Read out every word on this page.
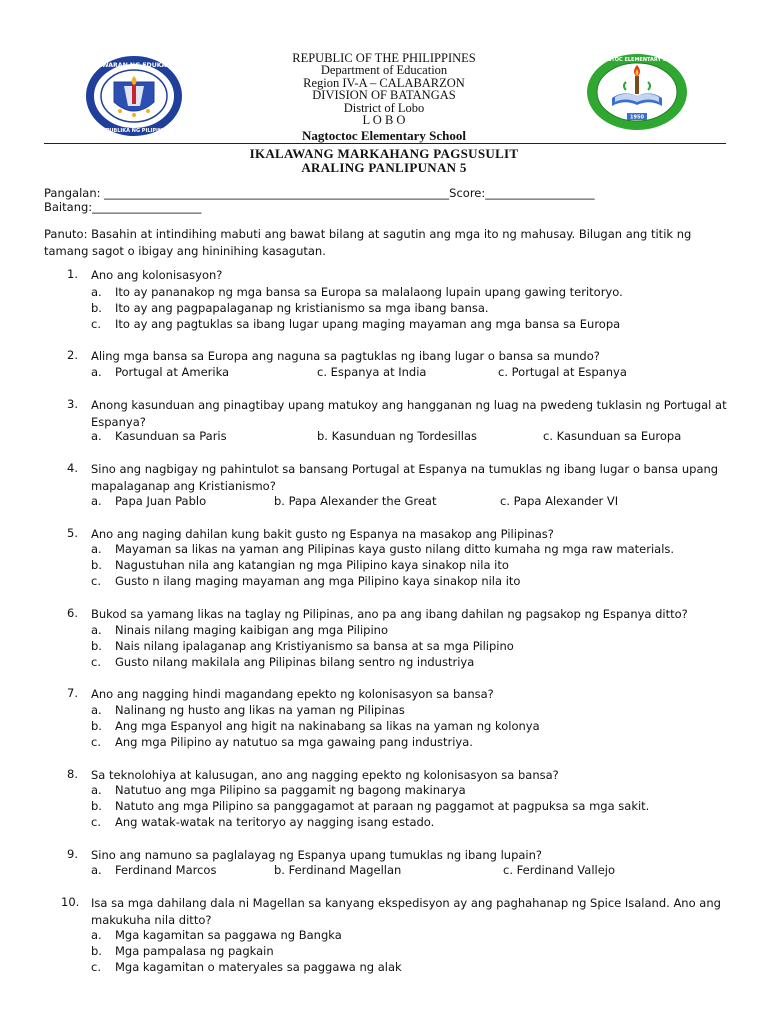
KAGAWARAN NG EDUKASYON
REPUBLIKA NG PILIPINAS
1950
NAGTOCTOC ELEMENTARY SCHOOL
REPUBLIC OF THE PHILIPPINES
Department of Education
Region IV-A – CALABARZON
DIVISION OF BATANGAS
District of Lobo
L O B O
Nagtoctoc Elementary School
IKALAWANG MARKAHANG PAGSUSULIT
ARALING PANLIPUNAN 5
Pangalan: ____________________________________________________________Score:___________________
Baitang:___________________
Panuto: Basahin at intindihing mabuti ang bawat bilang at sagutin ang mga ito ng mahusay. Bilugan ang titik ng tamang sagot o ibigay ang hininihing kasagutan.
1.	Ano ang kolonisasyon?
a. Ito ay pananakop ng mga bansa sa Europa sa malalaong lupain upang gawing teritoryo.
b. Ito ay ang pagpapalaganap ng kristianismo sa mga ibang bansa.
c. Ito ay ang pagtuklas sa ibang lugar upang maging mayaman ang mga bansa sa Europa
2.	Aling mga bansa sa Europa ang naguna sa pagtuklas ng ibang lugar o bansa sa mundo?
a. Portugal at Amerika	c. Espanya at India	c. Portugal at Espanya
3.	Anong kasunduan ang pinagtibay upang matukoy ang hangganan ng luag na pwedeng tuklasin ng Portugal at Espanya?
a. Kasunduan sa Paris	b. Kasunduan ng Tordesillas	c. Kasunduan sa Europa
4.	Sino ang nagbigay ng pahintulot sa bansang Portugal at Espanya na tumuklas ng ibang lugar o bansa upang mapalaganap ang Kristianismo?
a. Papa Juan Pablo	b. Papa Alexander the Great	c. Papa Alexander VI
5.	Ano ang naging dahilan kung bakit gusto ng Espanya na masakop ang Pilipinas?
a. Mayaman sa likas na yaman ang Pilipinas kaya gusto nilang ditto kumaha ng mga raw materials.
b. Nagustuhan nila ang katangian ng mga Pilipino kaya sinakop nila ito
c. Gusto n ilang maging mayaman ang mga Pilipino kaya sinakop nila ito
6.	Bukod sa yamang likas na taglay ng Pilipinas, ano pa ang ibang dahilan ng pagsakop ng Espanya ditto?
a. Ninais nilang maging kaibigan ang mga Pilipino
b. Nais nilang ipalaganap ang Kristiyanismo sa bansa at sa mga Pilipino
c. Gusto nilang makilala ang Pilipinas bilang sentro ng industriya
7.	Ano ang nagging hindi magandang epekto ng kolonisasyon sa bansa?
a. Nalinang ng husto ang likas na yaman ng Pilipinas
b. Ang mga Espanyol ang higit na nakinabang sa likas na yaman ng kolonya
c. Ang mga Pilipino ay natutuo sa mga gawaing pang industriya.
8.	Sa teknolohiya at kalusugan, ano ang nagging epekto ng kolonisasyon sa bansa?
a. Natutuo ang mga Pilipino sa paggamit ng bagong makinarya
b. Natuto ang mga Pilipino sa panggagamot at paraan ng paggamot at pagpuksa sa mga sakit.
c. Ang watak-watak na teritoryo ay nagging isang estado.
9.	Sino ang namuno sa paglalayag ng Espanya upang tumuklas ng ibang lupain?
a. Ferdinand Marcos	b. Ferdinand Magellan	c. Ferdinand Vallejo
10. Isa sa mga dahilang dala ni Magellan sa kanyang ekspedisyon ay ang paghahanap ng Spice Isaland. Ano ang makukuha nila ditto?
a. Mga kagamitan sa paggawa ng Bangka
b. Mga pampalasa ng pagkain
c. Mga kagamitan o materyales sa paggawa ng alak
